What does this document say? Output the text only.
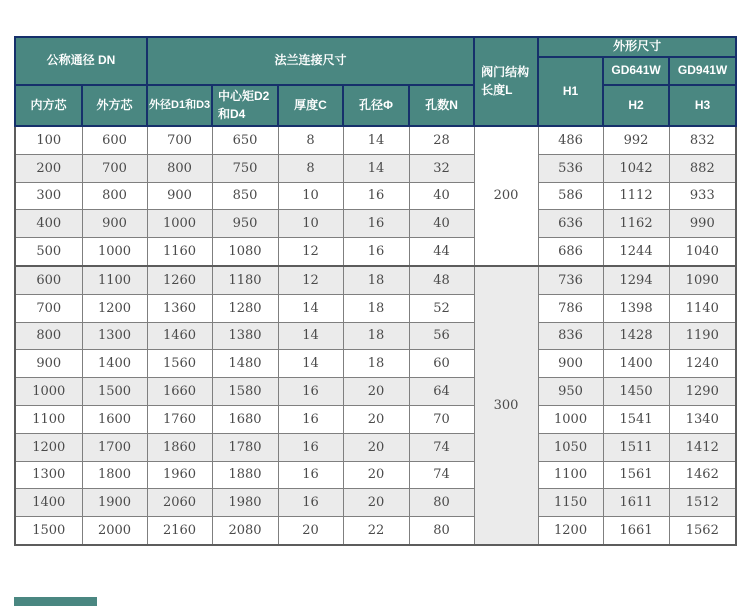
公称通径 DN		法兰连接尺寸					阀门结构长度L	外形尺寸		
								H1	GD641W	GD941W
内方芯	外方芯	外径D1和D3	中心矩D2和D4	厚度C	孔径Φ	孔数N			H2	H3
100	600	700	650	8	14	28	200	486	992	832
200	700	800	750	8	14	32		536	1042	882
300	800	900	850	10	16	40		586	1112	933
400	900	1000	950	10	16	40		636	1162	990
500	1000	1160	1080	12	16	44		686	1244	1040
600	1100	1260	1180	12	18	48	300	736	1294	1090
700	1200	1360	1280	14	18	52		786	1398	1140
800	1300	1460	1380	14	18	56		836	1428	1190
900	1400	1560	1480	14	18	60		900	1400	1240
1000	1500	1660	1580	16	20	64		950	1450	1290
1100	1600	1760	1680	16	20	70		1000	1541	1340
1200	1700	1860	1780	16	20	74		1050	1511	1412
1300	1800	1960	1880	16	20	74		1100	1561	1462
1400	1900	2060	1980	16	20	80		1150	1611	1512
1500	2000	2160	2080	20	22	80		1200	1661	1562
